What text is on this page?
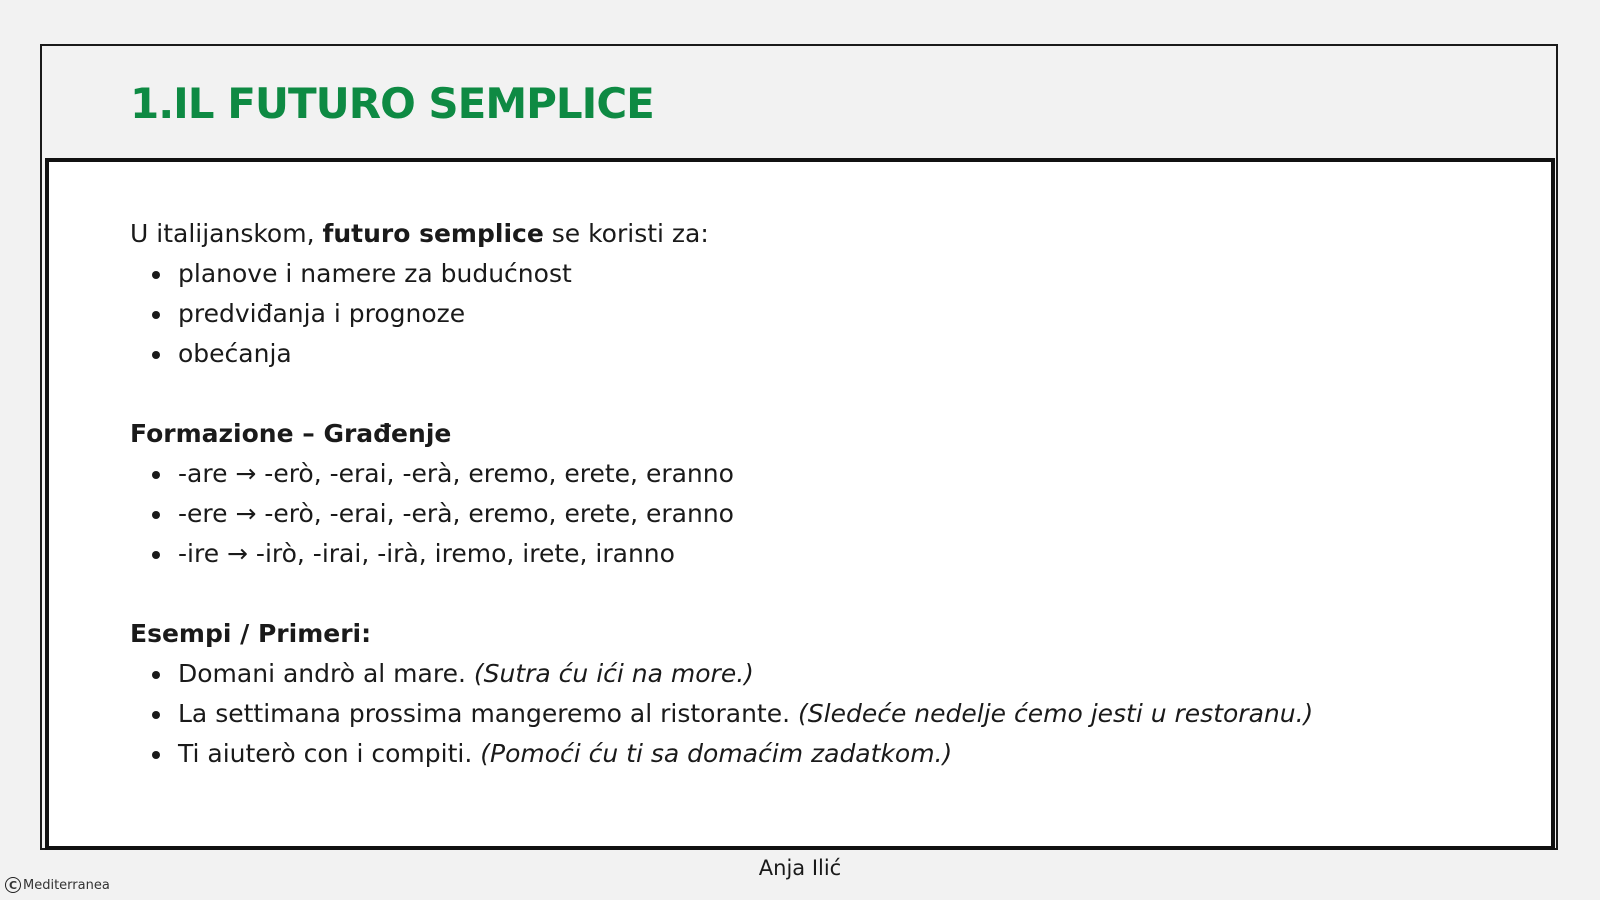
1.IL FUTURO SEMPLICE

U italijanskom, futuro semplice se koristi za:

planove i namere za budućnost
predviđanja i prognoze
obećanja

Formazione – Građenje

-are → -erò, -erai, -erà, eremo, erete, eranno
-ere → -erò, -erai, -erà, eremo, erete, eranno
-ire → -irò, -irai, -irà, iremo, irete, iranno

Esempi / Primeri:

Domani andrò al mare. (Sutra ću ići na more.)
La settimana prossima mangeremo al ristorante. (Sledeće nedelje ćemo jesti u restoranu.)
Ti aiuterò con i compiti. (Pomoći ću ti sa domaćim zadatkom.)
Anja Ilić
C Mediterranea
